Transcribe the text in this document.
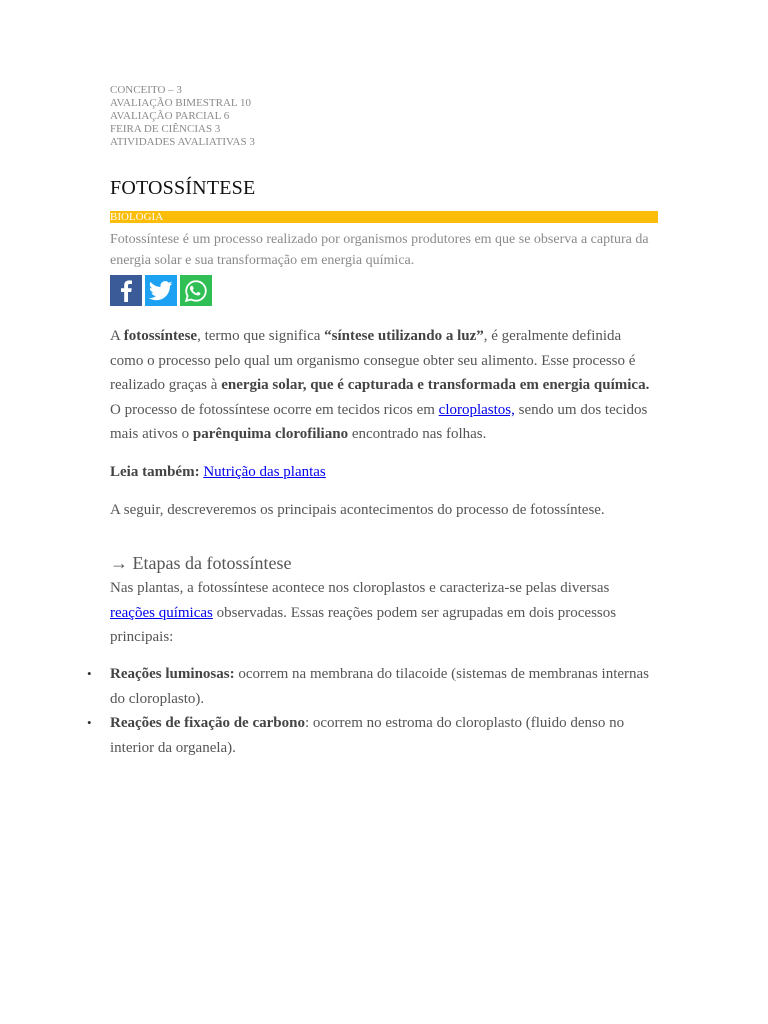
CONCEITO – 3
AVALIAÇÃO BIMESTRAL 10
AVALIAÇÃO PARCIAL 6
FEIRA DE CIÊNCIAS 3
ATIVIDADES AVALIATIVAS 3
FOTOSSÍNTESE
BIOLOGIA

Fotossíntese é um processo realizado por organismos produtores em que se observa a captura da energia solar e sua transformação em energia química.

A fotossíntese, termo que significa “síntese utilizando a luz”, é geralmente definida como o processo pelo qual um organismo consegue obter seu alimento. Esse processo é realizado graças à energia solar, que é capturada e transformada em energia química. O processo de fotossíntese ocorre em tecidos ricos em cloroplastos, sendo um dos tecidos mais ativos o parênquima clorofiliano encontrado nas folhas.

Leia também: Nutrição das plantas

A seguir, descreveremos os principais acontecimentos do processo de fotossíntese.

→ Etapas da fotossíntese

Nas plantas, a fotossíntese acontece nos cloroplastos e caracteriza-se pelas diversas reações químicas observadas. Essas reações podem ser agrupadas em dois processos principais:

• Reações luminosas: ocorrem na membrana do tilacoide (sistemas de membranas internas do cloroplasto).
• Reações de fixação de carbono: ocorrem no estroma do cloroplasto (fluido denso no interior da organela).
